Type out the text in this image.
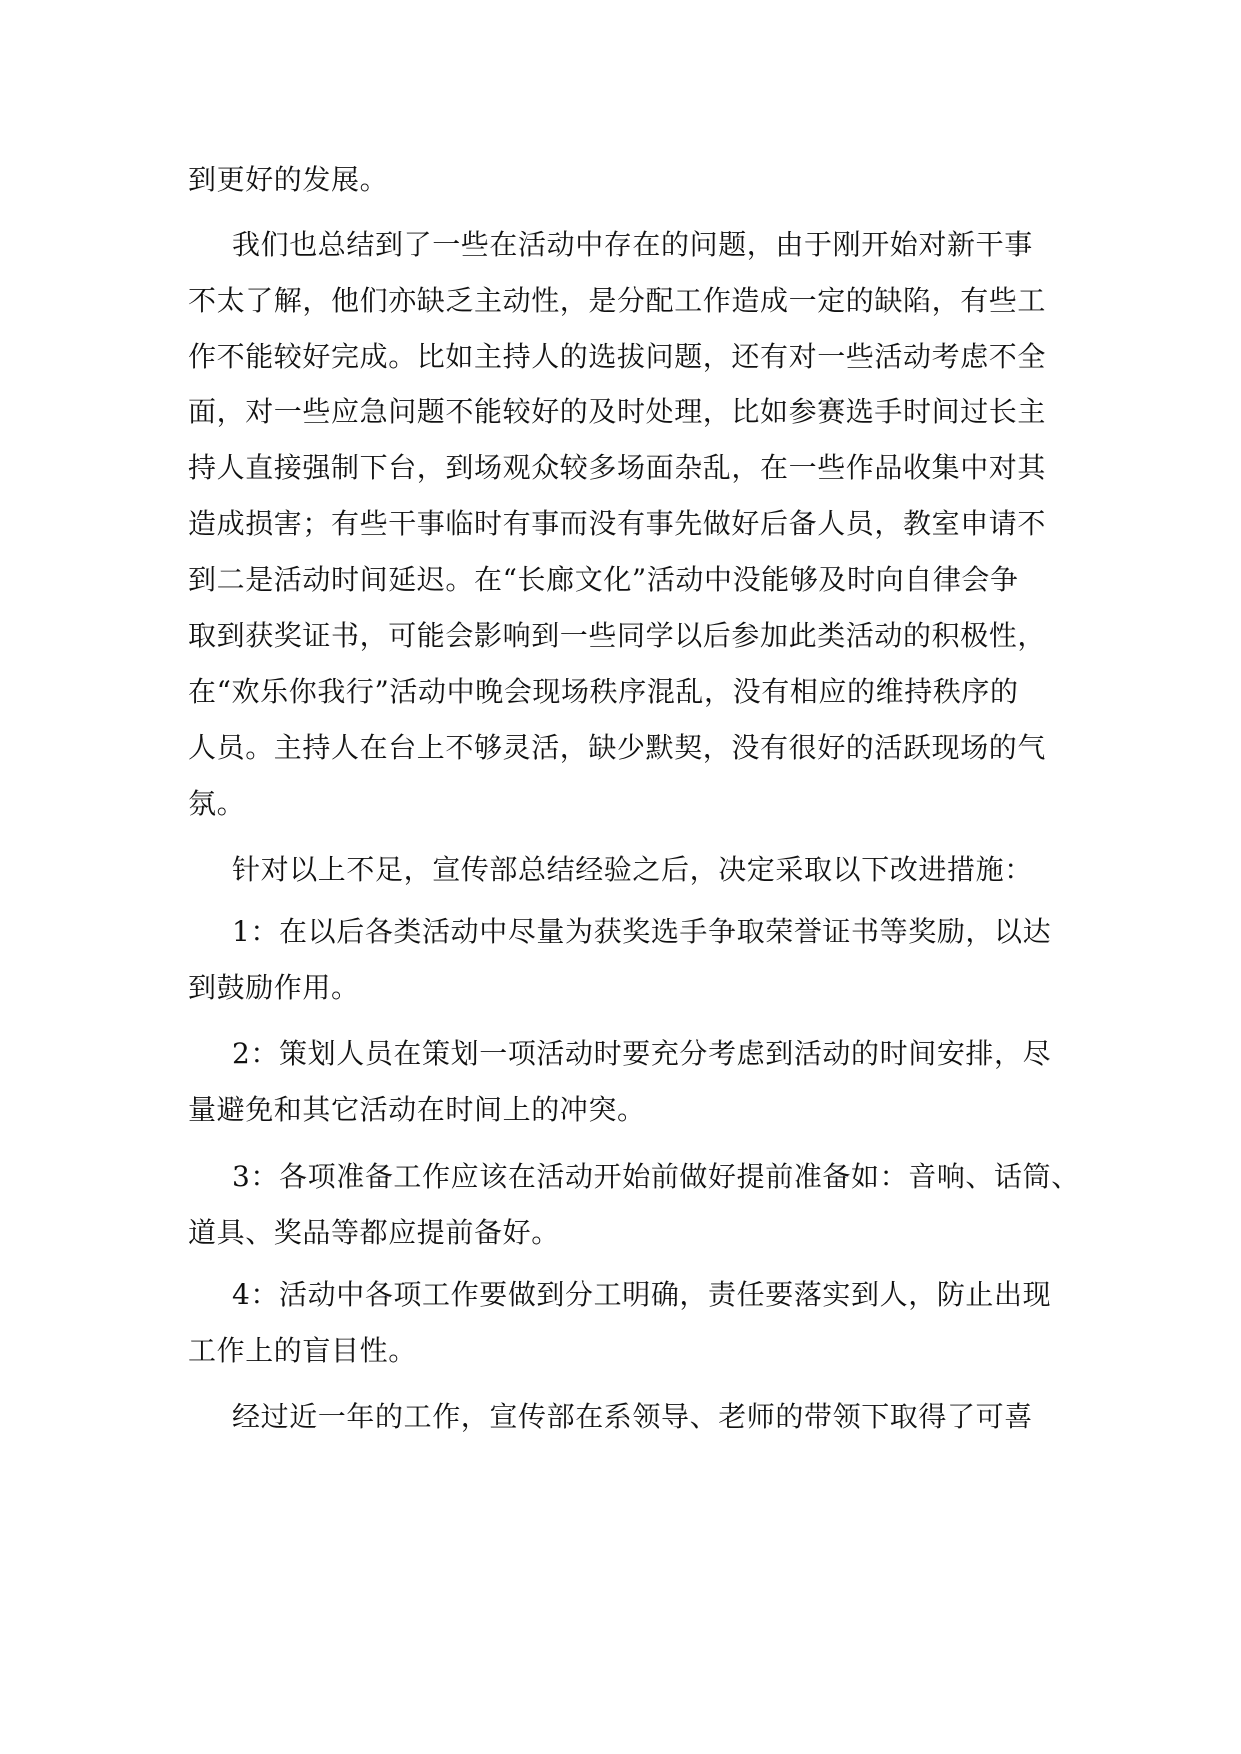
到更好的发展。

我们也总结到了一些在活动中存在的问题，由于刚开始对新干事

不太了解，他们亦缺乏主动性，是分配工作造成一定的缺陷，有些工

作不能较好完成。比如主持人的选拔问题，还有对一些活动考虑不全

面，对一些应急问题不能较好的及时处理，比如参赛选手时间过长主

持人直接强制下台，到场观众较多场面杂乱，在一些作品收集中对其

造成损害；有些干事临时有事而没有事先做好后备人员，教室申请不

到二是活动时间延迟。在“长廊文化”活动中没能够及时向自律会争

取到获奖证书，可能会影响到一些同学以后参加此类活动的积极性，

在“欢乐你我行”活动中晚会现场秩序混乱，没有相应的维持秩序的

人员。主持人在台上不够灵活，缺少默契，没有很好的活跃现场的气

氛。

针对以上不足，宣传部总结经验之后，决定采取以下改进措施：

1：在以后各类活动中尽量为获奖选手争取荣誉证书等奖励，以达

到鼓励作用。

2：策划人员在策划一项活动时要充分考虑到活动的时间安排，尽

量避免和其它活动在时间上的冲突。

3：各项准备工作应该在活动开始前做好提前准备如：音响、话筒、

道具、奖品等都应提前备好。

4：活动中各项工作要做到分工明确，责任要落实到人，防止出现

工作上的盲目性。

经过近一年的工作，宣传部在系领导、老师的带领下取得了可喜
